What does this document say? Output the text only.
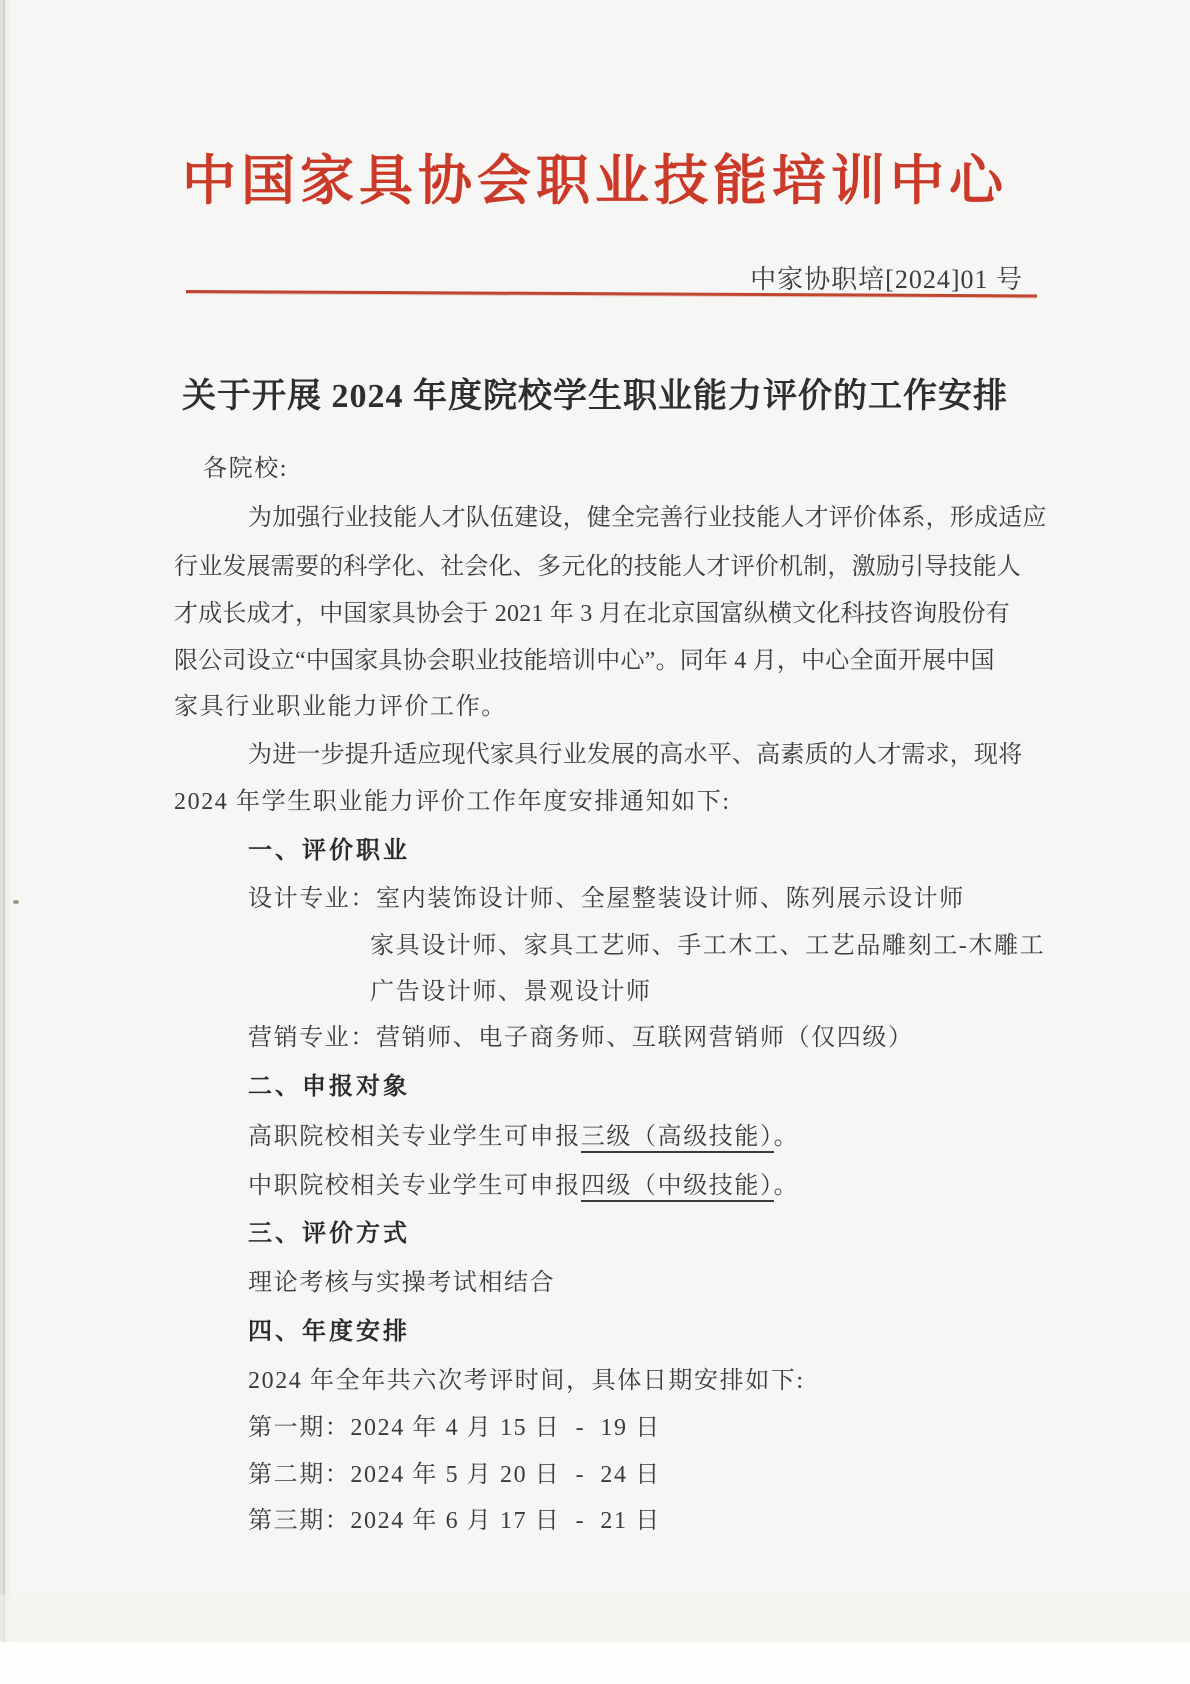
中国家具协会职业技能培训中心
中家协职培[2024]01 号
关于开展 2024 年度院校学生职业能力评价的工作安排
各院校:
为加强行业技能人才队伍建设，健全完善行业技能人才评价体系，形成适应
行业发展需要的科学化、社会化、多元化的技能人才评价机制，激励引导技能人
才成长成才，中国家具协会于 2021 年 3 月在北京国富纵横文化科技咨询股份有
限公司设立“中国家具协会职业技能培训中心”。同年 4 月，中心全面开展中国
家具行业职业能力评价工作。
为进一步提升适应现代家具行业发展的高水平、高素质的人才需求，现将
2024 年学生职业能力评价工作年度安排通知如下:
一、评价职业
设计专业：室内装饰设计师、全屋整装设计师、陈列展示设计师
家具设计师、家具工艺师、手工木工、工艺品雕刻工-木雕工
广告设计师、景观设计师
营销专业：营销师、电子商务师、互联网营销师（仅四级）
二、申报对象
高职院校相关专业学生可申报三级（高级技能）。
中职院校相关专业学生可申报四级（中级技能）。
三、评价方式
理论考核与实操考试相结合
四、年度安排
2024 年全年共六次考评时间，具体日期安排如下:
第一期：2024 年 4 月 15 日  -  19 日
第二期：2024 年 5 月 20 日  -  24 日
第三期：2024 年 6 月 17 日  -  21 日
